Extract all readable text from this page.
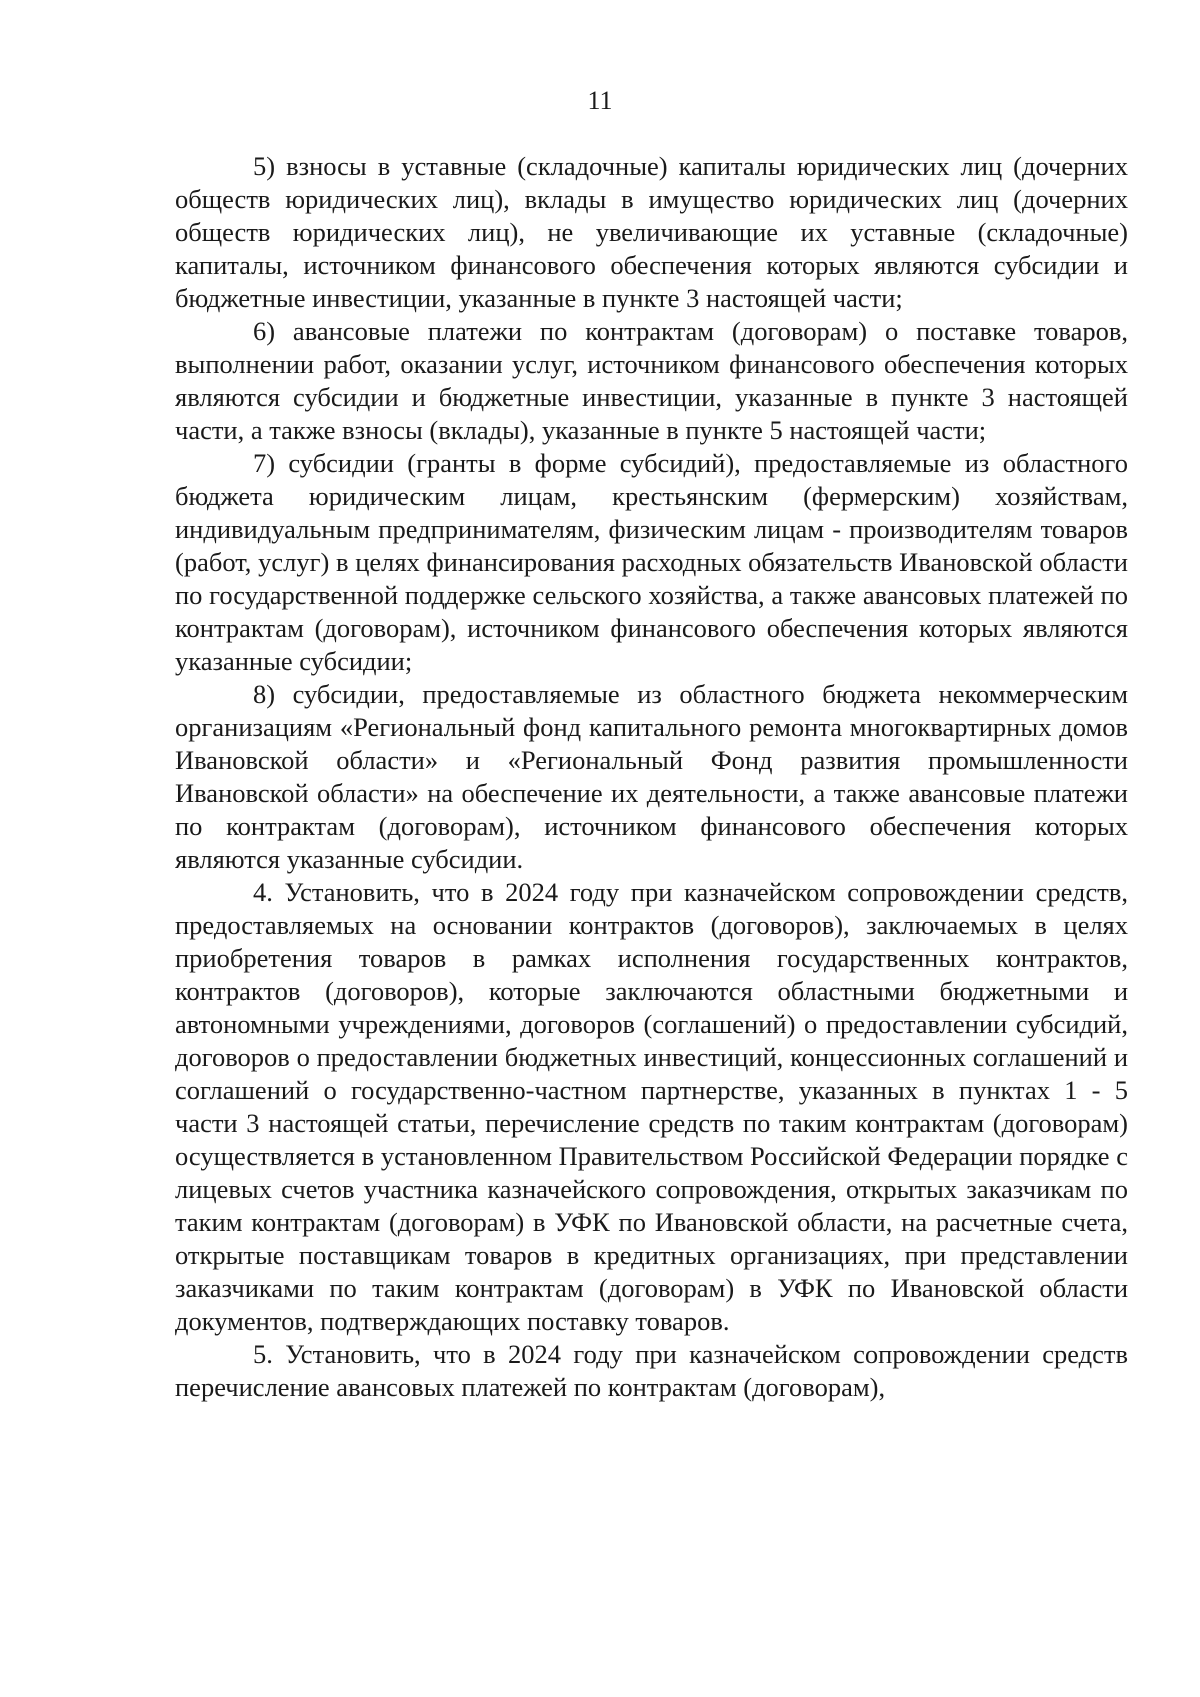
11

5) взносы в уставные (складочные) капиталы юридических лиц (дочерних обществ юридических лиц), вклады в имущество юридических лиц (дочерних обществ юридических лиц), не увеличивающие их уставные (складочные) капиталы, источником финансового обеспечения которых являются субсидии и бюджетные инвестиции, указанные в пункте 3 настоящей части;

6) авансовые платежи по контрактам (договорам) о поставке товаров, выполнении работ, оказании услуг, источником финансового обеспечения которых являются субсидии и бюджетные инвестиции, указанные в пункте 3 настоящей части, а также взносы (вклады), указанные в пункте 5 настоящей части;

7) субсидии (гранты в форме субсидий), предоставляемые из областного бюджета юридическим лицам, крестьянским (фермерским) хозяйствам, индивидуальным предпринимателям, физическим лицам - производителям товаров (работ, услуг) в целях финансирования расходных обязательств Ивановской области по государственной поддержке сельского хозяйства, а также авансовых платежей по контрактам (договорам), источником финансового обеспечения которых являются указанные субсидии;

8) субсидии, предоставляемые из областного бюджета некоммерческим организациям «Региональный фонд капитального ремонта многоквартирных домов Ивановской области» и «Региональный Фонд развития промышленности Ивановской области» на обеспечение их деятельности, а также авансовые платежи по контрактам (договорам), источником финансового обеспечения которых являются указанные субсидии.

4. Установить, что в 2024 году при казначейском сопровождении средств, предоставляемых на основании контрактов (договоров), заключаемых в целях приобретения товаров в рамках исполнения государственных контрактов, контрактов (договоров), которые заключаются областными бюджетными и автономными учреждениями, договоров (соглашений) о предоставлении субсидий, договоров о предоставлении бюджетных инвестиций, концессионных соглашений и соглашений о государственно-частном партнерстве, указанных в пунктах 1 - 5 части 3 настоящей статьи, перечисление средств по таким контрактам (договорам) осуществляется в установленном Правительством Российской Федерации порядке с лицевых счетов участника казначейского сопровождения, открытых заказчикам по таким контрактам (договорам) в УФК по Ивановской области, на расчетные счета, открытые поставщикам товаров в кредитных организациях, при представлении заказчиками по таким контрактам (договорам) в УФК по Ивановской области документов, подтверждающих поставку товаров.

5. Установить, что в 2024 году при казначейском сопровождении средств перечисление авансовых платежей по контрактам (договорам),
